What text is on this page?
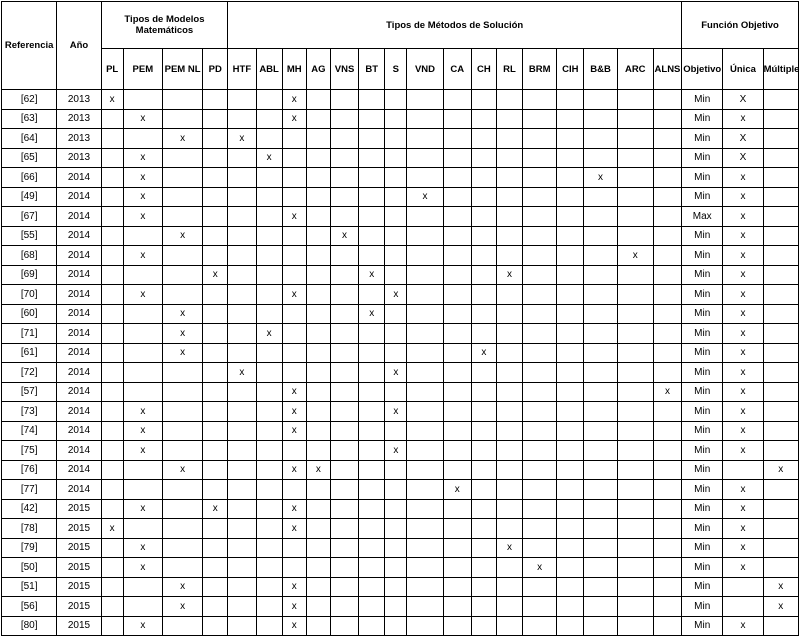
Referencia	Año	Tipos de Modelos Matemáticos				Tipos de Métodos de Solución																Función Objetivo		
		PL	PEM	PEM NL	PD	HTF	ABL	MH	AG	VNS	BT	S	VND	CA	CH	RL	BRM	CIH	B&B	ARC	ALNS	Objetivo	Única	Múltiple
[62]	2013	x						x														Min	X	
[63]	2013		x					x														Min	x	
[64]	2013			x		x																Min	X	
[65]	2013		x				x															Min	X	
[66]	2014		x																x			Min	x	
[49]	2014		x										x									Min	x	
[67]	2014		x					x														Max	x	
[55]	2014			x						x												Min	x	
[68]	2014		x																	x		Min	x	
[69]	2014				x						x					x						Min	x	
[70]	2014		x					x				x										Min	x	
[60]	2014			x							x											Min	x	
[71]	2014			x			x															Min	x	
[61]	2014			x											x							Min	x	
[72]	2014					x						x										Min	x	
[57]	2014							x													x	Min	x	
[73]	2014		x					x				x										Min	x	
[74]	2014		x					x														Min	x	
[75]	2014		x									x										Min	x	
[76]	2014			x				x	x													Min		x
[77]	2014													x								Min	x	
[42]	2015		x		x			x														Min	x	
[78]	2015	x						x														Min	x	
[79]	2015		x													x						Min	x	
[50]	2015		x														x					Min	x	
[51]	2015			x				x														Min		x
[56]	2015			x				x														Min		x
[80]	2015		x					x														Min	x	
